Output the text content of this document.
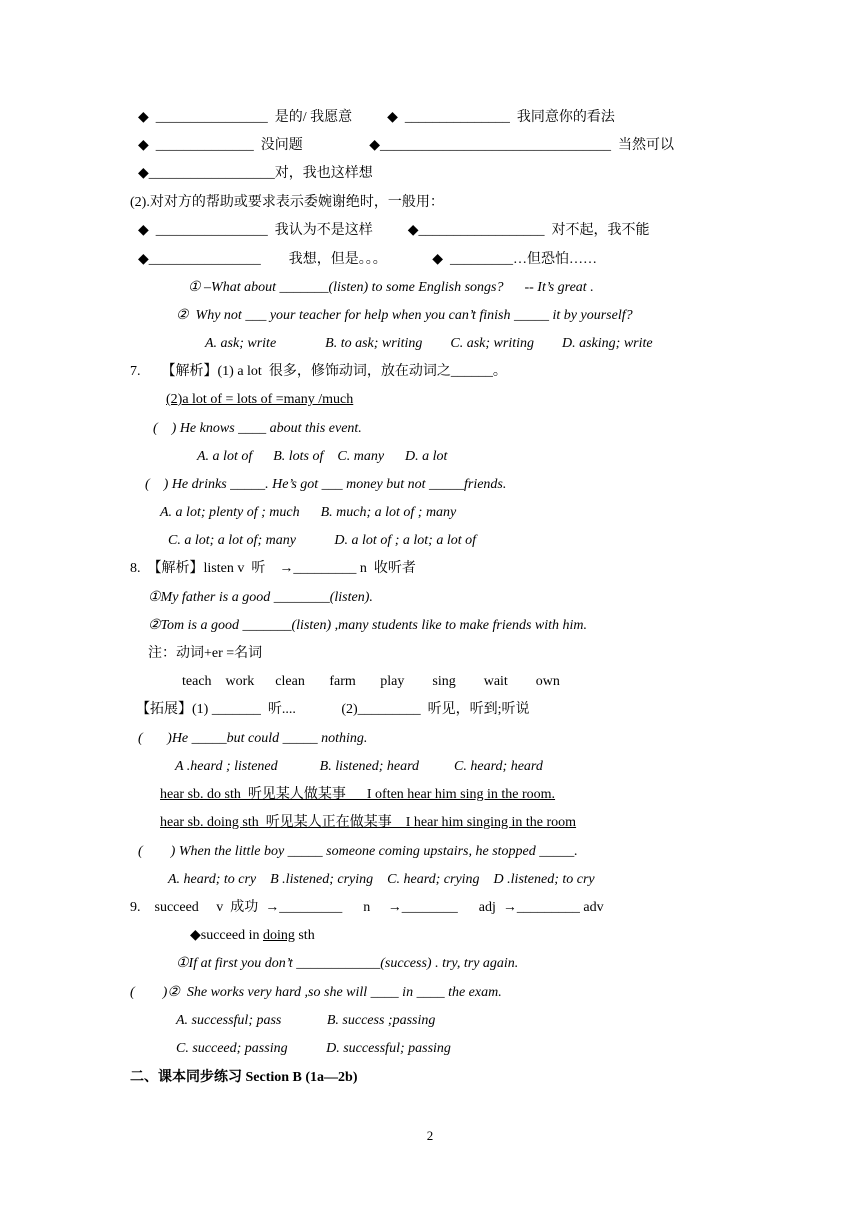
◆  ________________  是的/ 我愿意          ◆  _______________  我同意你的看法
◆  ______________  没问题                   ◆_________________________________  当然可以
◆__________________对，我也这样想
(2).对对方的帮助或要求表示委婉谢绝时，一般用：
◆  ________________  我认为不是这样          ◆__________________  对不起，我不能
◆________________        我想，但是。。。             ◆  _________…但恐怕……
① –What about _______(listen) to some English songs?      -- It’s great .
②  Why not ___ your teacher for help when you can’t finish _____ it by yourself?
A. ask; write              B. to ask; writing        C. ask; writing        D. asking; write
7.      【解析】(1) a lot  很多，修饰动词，放在动词之______。
(2)a lot of = lots of =many /much
(    ) He knows ____ about this event.
A. a lot of      B. lots of    C. many      D. a lot
(    ) He drinks _____. He’s got ___ money but not _____friends.
A. a lot; plenty of ; much      B. much; a lot of ; many
C. a lot; a lot of; many           D. a lot of ; a lot; a lot of
8.  【解析】listen v  听    →_________ n  收听者
①My father is a good ________(listen).
②Tom is a good _______(listen) ,many students like to make friends with him.
注：动词+er =名词
teach    work      clean       farm       play        sing        wait        own
【拓展】(1) _______  听....             (2)_________  听见，听到;听说
(       )He _____but could _____ nothing.
A .heard ; listened            B. listened; heard          C. heard; heard
hear sb. do sth  听见某人做某事      I often hear him sing in the room.
hear sb. doing sth  听见某人正在做某事    I hear him singing in the room
(        ) When the little boy _____ someone coming upstairs, he stopped _____.
A. heard; to cry    B .listened; crying    C. heard; crying    D .listened; to cry
9.    succeed     v  成功  →_________      n     →________      adj  →_________ adv
◆succeed in doing sth
①If at first you don’t ____________(success) . try, try again.
(        )②  She works very hard ,so she will ____ in ____ the exam.
A. successful; pass             B. success ;passing
C. succeed; passing           D. successful; passing
二、课本同步练习 Section B (1a—2b)
2
